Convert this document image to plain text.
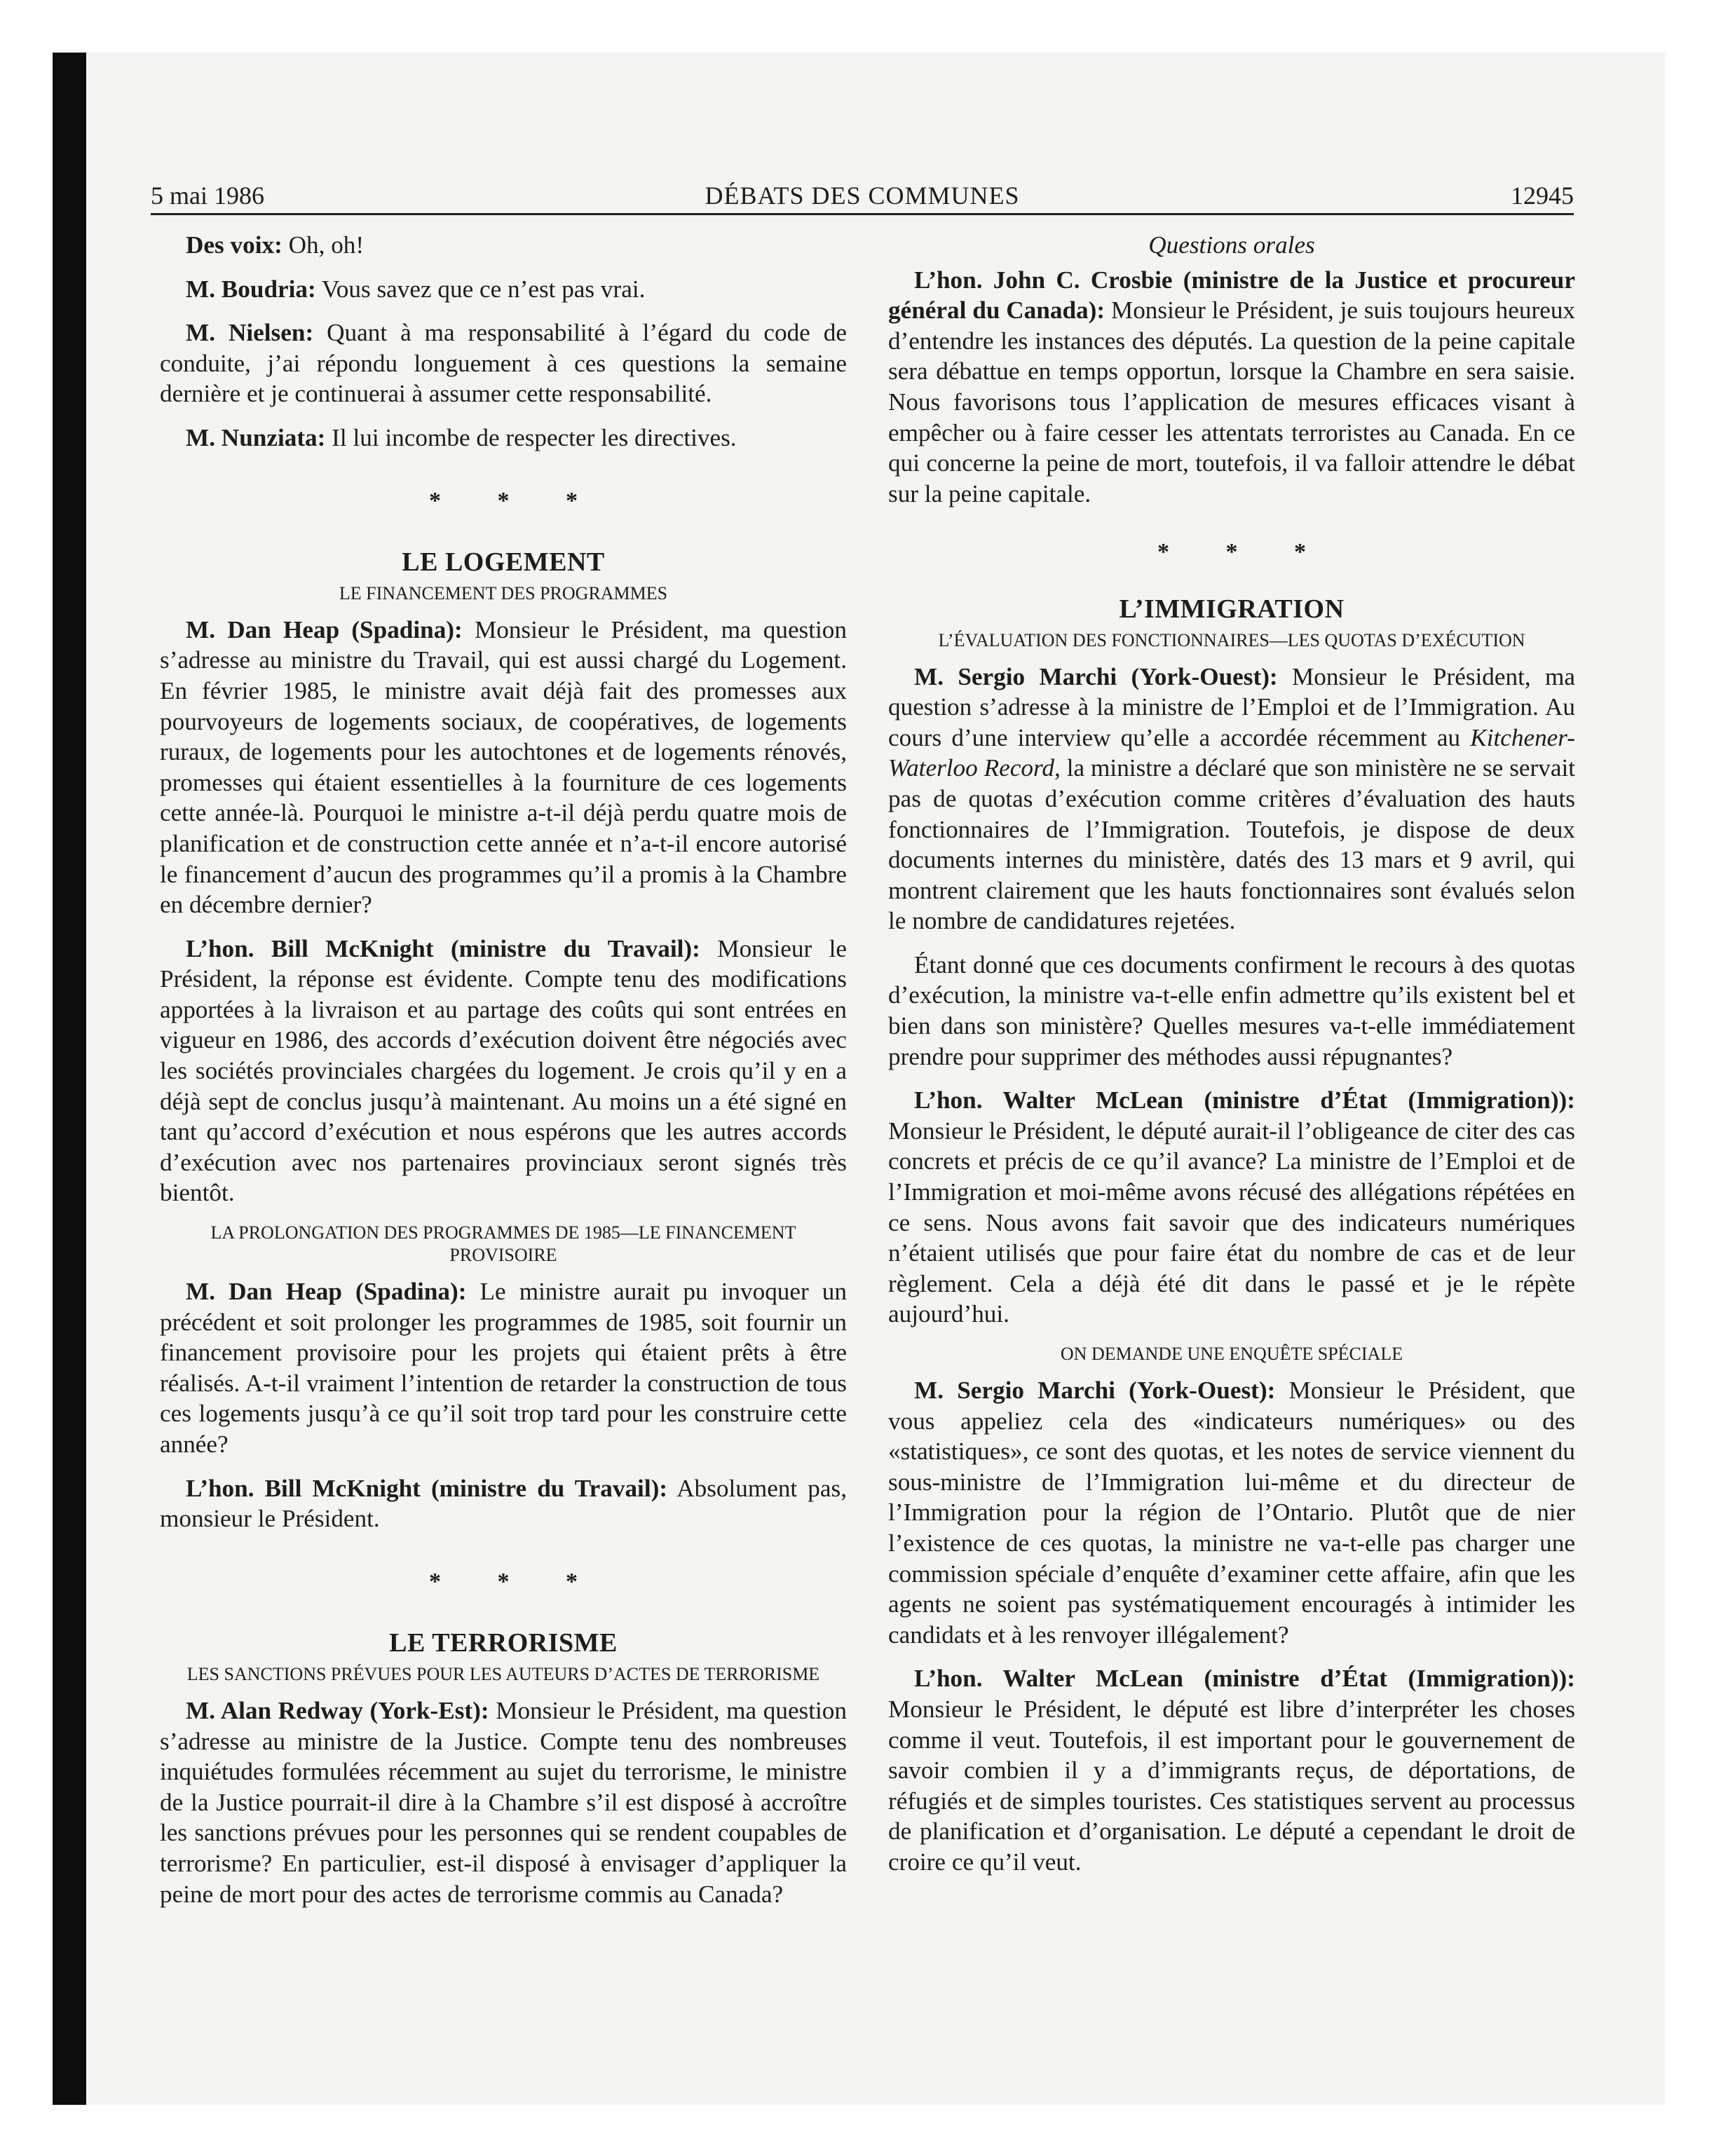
5 mai 1986	DÉBATS DES COMMUNES	12945

Des voix: Oh, oh!

M. Boudria: Vous savez que ce n’est pas vrai.

M. Nielsen: Quant à ma responsabilité à l’égard du code de conduite, j’ai répondu longuement à ces questions la semaine dernière et je continuerai à assumer cette responsabilité.

M. Nunziata: Il lui incombe de respecter les directives.

* * *
LE LOGEMENT
LE FINANCEMENT DES PROGRAMMES

M. Dan Heap (Spadina): Monsieur le Président, ma question s’adresse au ministre du Travail, qui est aussi chargé du Logement. En février 1985, le ministre avait déjà fait des promesses aux pourvoyeurs de logements sociaux, de coopératives, de logements ruraux, de logements pour les autochtones et de logements rénovés, promesses qui étaient essentielles à la fourniture de ces logements cette année-là. Pourquoi le ministre a-t-il déjà perdu quatre mois de planification et de construction cette année et n’a-t-il encore autorisé le financement d’aucun des programmes qu’il a promis à la Chambre en décembre dernier?

L’hon. Bill McKnight (ministre du Travail): Monsieur le Président, la réponse est évidente. Compte tenu des modifications apportées à la livraison et au partage des coûts qui sont entrées en vigueur en 1986, des accords d’exécution doivent être négociés avec les sociétés provinciales chargées du logement. Je crois qu’il y en a déjà sept de conclus jusqu’à maintenant. Au moins un a été signé en tant qu’accord d’exécution et nous espérons que les autres accords d’exécution avec nos partenaires provinciaux seront signés très bientôt.

LA PROLONGATION DES PROGRAMMES DE 1985—LE FINANCEMENT PROVISOIRE

M. Dan Heap (Spadina): Le ministre aurait pu invoquer un précédent et soit prolonger les programmes de 1985, soit fournir un financement provisoire pour les projets qui étaient prêts à être réalisés. A-t-il vraiment l’intention de retarder la construction de tous ces logements jusqu’à ce qu’il soit trop tard pour les construire cette année?

L’hon. Bill McKnight (ministre du Travail): Absolument pas, monsieur le Président.

* * *
LE TERRORISME
LES SANCTIONS PRÉVUES POUR LES AUTEURS D’ACTES DE TERRORISME

M. Alan Redway (York-Est): Monsieur le Président, ma question s’adresse au ministre de la Justice. Compte tenu des nombreuses inquiétudes formulées récemment au sujet du terrorisme, le ministre de la Justice pourrait-il dire à la Chambre s’il est disposé à accroître les sanctions prévues pour les personnes qui se rendent coupables de terrorisme? En particulier, est-il disposé à envisager d’appliquer la peine de mort pour des actes de terrorisme commis au Canada?

Questions orales

L’hon. John C. Crosbie (ministre de la Justice et procureur général du Canada): Monsieur le Président, je suis toujours heureux d’entendre les instances des députés. La question de la peine capitale sera débattue en temps opportun, lorsque la Chambre en sera saisie. Nous favorisons tous l’application de mesures efficaces visant à empêcher ou à faire cesser les attentats terroristes au Canada. En ce qui concerne la peine de mort, toutefois, il va falloir attendre le débat sur la peine capitale.

* * *
L’IMMIGRATION
L’ÉVALUATION DES FONCTIONNAIRES—LES QUOTAS D’EXÉCUTION

M. Sergio Marchi (York-Ouest): Monsieur le Président, ma question s’adresse à la ministre de l’Emploi et de l’Immigration. Au cours d’une interview qu’elle a accordée récemment au Kitchener-Waterloo Record, la ministre a déclaré que son ministère ne se servait pas de quotas d’exécution comme critères d’évaluation des hauts fonctionnaires de l’Immigration. Toutefois, je dispose de deux documents internes du ministère, datés des 13 mars et 9 avril, qui montrent clairement que les hauts fonctionnaires sont évalués selon le nombre de candidatures rejetées.

Étant donné que ces documents confirment le recours à des quotas d’exécution, la ministre va-t-elle enfin admettre qu’ils existent bel et bien dans son ministère? Quelles mesures va-t-elle immédiatement prendre pour supprimer des méthodes aussi répugnantes?

L’hon. Walter McLean (ministre d’État (Immigration)): Monsieur le Président, le député aurait-il l’obligeance de citer des cas concrets et précis de ce qu’il avance? La ministre de l’Emploi et de l’Immigration et moi-même avons récusé des allégations répétées en ce sens. Nous avons fait savoir que des indicateurs numériques n’étaient utilisés que pour faire état du nombre de cas et de leur règlement. Cela a déjà été dit dans le passé et je le répète aujourd’hui.

ON DEMANDE UNE ENQUÊTE SPÉCIALE

M. Sergio Marchi (York-Ouest): Monsieur le Président, que vous appeliez cela des «indicateurs numériques» ou des «statistiques», ce sont des quotas, et les notes de service viennent du sous-ministre de l’Immigration lui-même et du directeur de l’Immigration pour la région de l’Ontario. Plutôt que de nier l’existence de ces quotas, la ministre ne va-t-elle pas charger une commission spéciale d’enquête d’examiner cette affaire, afin que les agents ne soient pas systématiquement encouragés à intimider les candidats et à les renvoyer illégalement?

L’hon. Walter McLean (ministre d’État (Immigration)): Monsieur le Président, le député est libre d’interpréter les choses comme il veut. Toutefois, il est important pour le gouvernement de savoir combien il y a d’immigrants reçus, de déportations, de réfugiés et de simples touristes. Ces statistiques servent au processus de planification et d’organisation. Le député a cependant le droit de croire ce qu’il veut.
